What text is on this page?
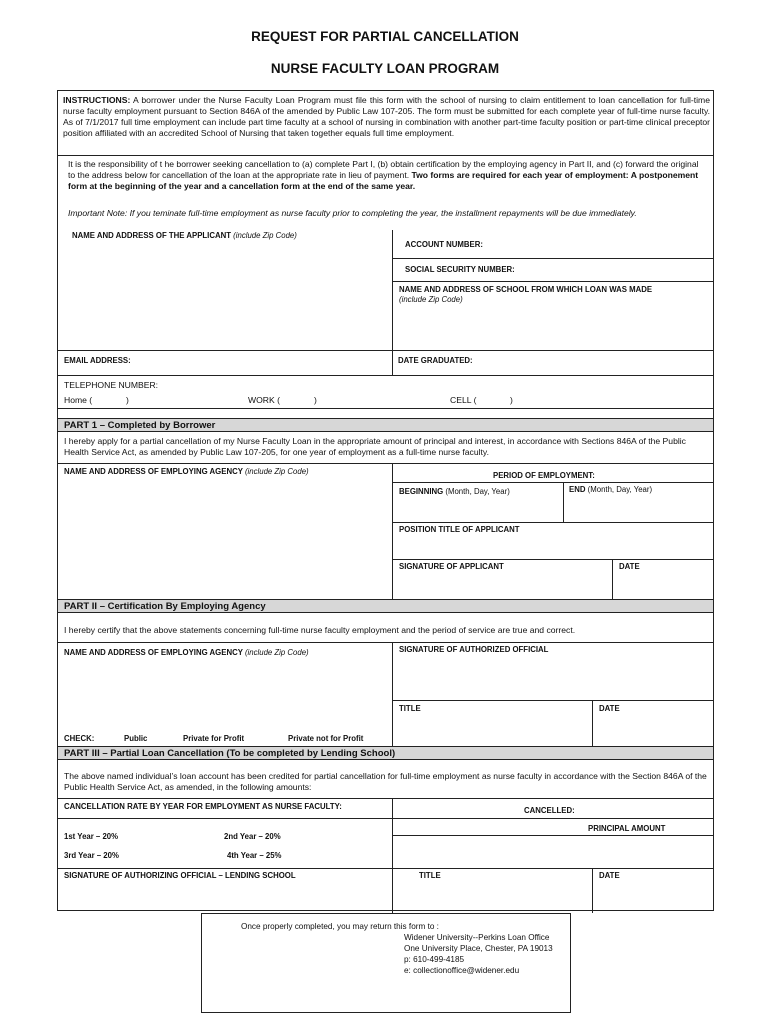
REQUEST FOR PARTIAL CANCELLATION
NURSE FACULTY LOAN PROGRAM
INSTRUCTIONS: A borrower under the Nurse Faculty Loan Program must file this form with the school of nursing to claim entitlement to loan cancellation for full-time nurse faculty employment pursuant to Section 846A of the amended by Public Law 107-205. The form must be submitted for each complete year of full-time nurse faculty. As of 7/1/2017 full time employment can include part time faculty at a school of nursing in combination with another part-time faculty position or part-time clinical preceptor position affiliated with an accredited School of Nursing that taken together equals full time employment.
It is the responsibility of t he borrower seeking cancellation to (a) complete Part I, (b) obtain certification by the employing agency in Part II, and (c) forward the original to the address below for cancellation of the loan at the appropriate rate in lieu of payment. Two forms are required for each year of employment: A postponement form at the beginning of the year and a cancellation form at the end of the same year.
Important Note: If you teminate full-time employment as nurse faculty prior to completing the year, the installment repayments will be due immediately.
NAME AND ADDRESS OF THE APPLICANT (include Zip Code)
ACCOUNT NUMBER:
SOCIAL SECURITY NUMBER:
NAME AND ADDRESS OF SCHOOL FROM WHICH LOAN WAS MADE
(include Zip Code)
EMAIL ADDRESS:	DATE GRADUATED:
TELEPHONE NUMBER:
Home (	)	WORK (	)	CELL (	)
PART 1 – Completed by Borrower
I hereby apply for a partial cancellation of my Nurse Faculty Loan in the appropriate amount of principal and interest, in accordance with Sections 846A of the Public Health Service Act, as amended by Public Law 107-205, for one year of employment as a full-time nurse faculty.
NAME AND ADDRESS OF EMPLOYING AGENCY (include Zip Code)	PERIOD OF EMPLOYMENT:
BEGINNING (Month, Day, Year)	END (Month, Day, Year)
POSITION TITLE OF APPLICANT
SIGNATURE OF APPLICANT	DATE
PART II – Certification By Employing Agency
I hereby certify that the above statements concerning full-time nurse faculty employment and the period of service are true and correct.
NAME AND ADDRESS OF EMPLOYING AGENCY (include Zip Code)	SIGNATURE OF AUTHORIZED OFFICIAL
TITLE	DATE
CHECK:	Public	Private for Profit	Private not for Profit
PART III – Partial Loan Cancellation (To be completed by Lending School)
The above named individual’s loan account has been credited for partial cancellation for full-time employment as nurse faculty in accordance with the Section 846A of the Public Health Service Act, as amended, in the following amounts:
CANCELLATION RATE BY YEAR FOR EMPLOYMENT AS NURSE FACULTY:	CANCELLED:
PRINCIPAL AMOUNT
1st Year – 20%	2nd Year – 20%
3rd Year – 20%	4th Year – 25%
SIGNATURE OF AUTHORIZING OFFICIAL – LENDING SCHOOL	TITLE	DATE
Once properly completed, you may return this form to :
Widener University--Perkins Loan Office
One University Place, Chester, PA 19013
p: 610-499-4185
e: collectionoffice@widener.edu
